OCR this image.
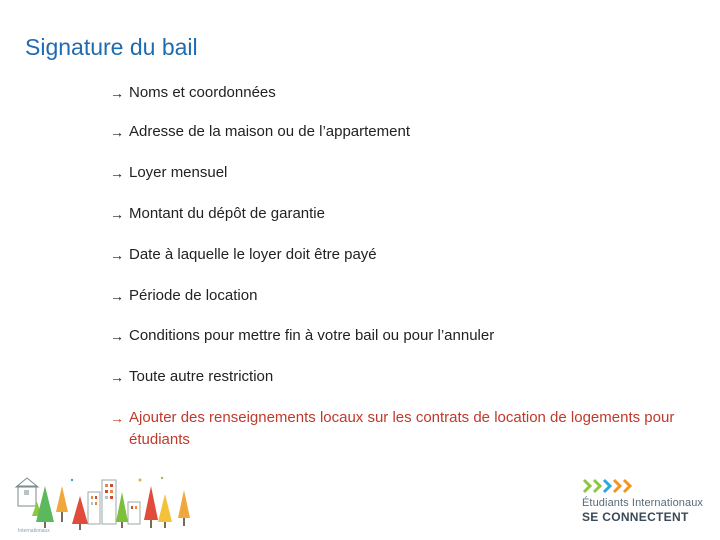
Signature du bail
→ Noms et coordonnées
→ Adresse de la maison ou de l’appartement
→ Loyer mensuel
→ Montant du dépôt de garantie
→ Date à laquelle le loyer doit être payé
→ Période de location
→ Conditions pour mettre fin à votre bail ou pour l’annuler
→ Toute autre restriction
→ Ajouter des renseignements locaux sur les contrats de location de logements pour étudiants
Internationaux
Étudiants Internationaux
SE CONNECTENT
